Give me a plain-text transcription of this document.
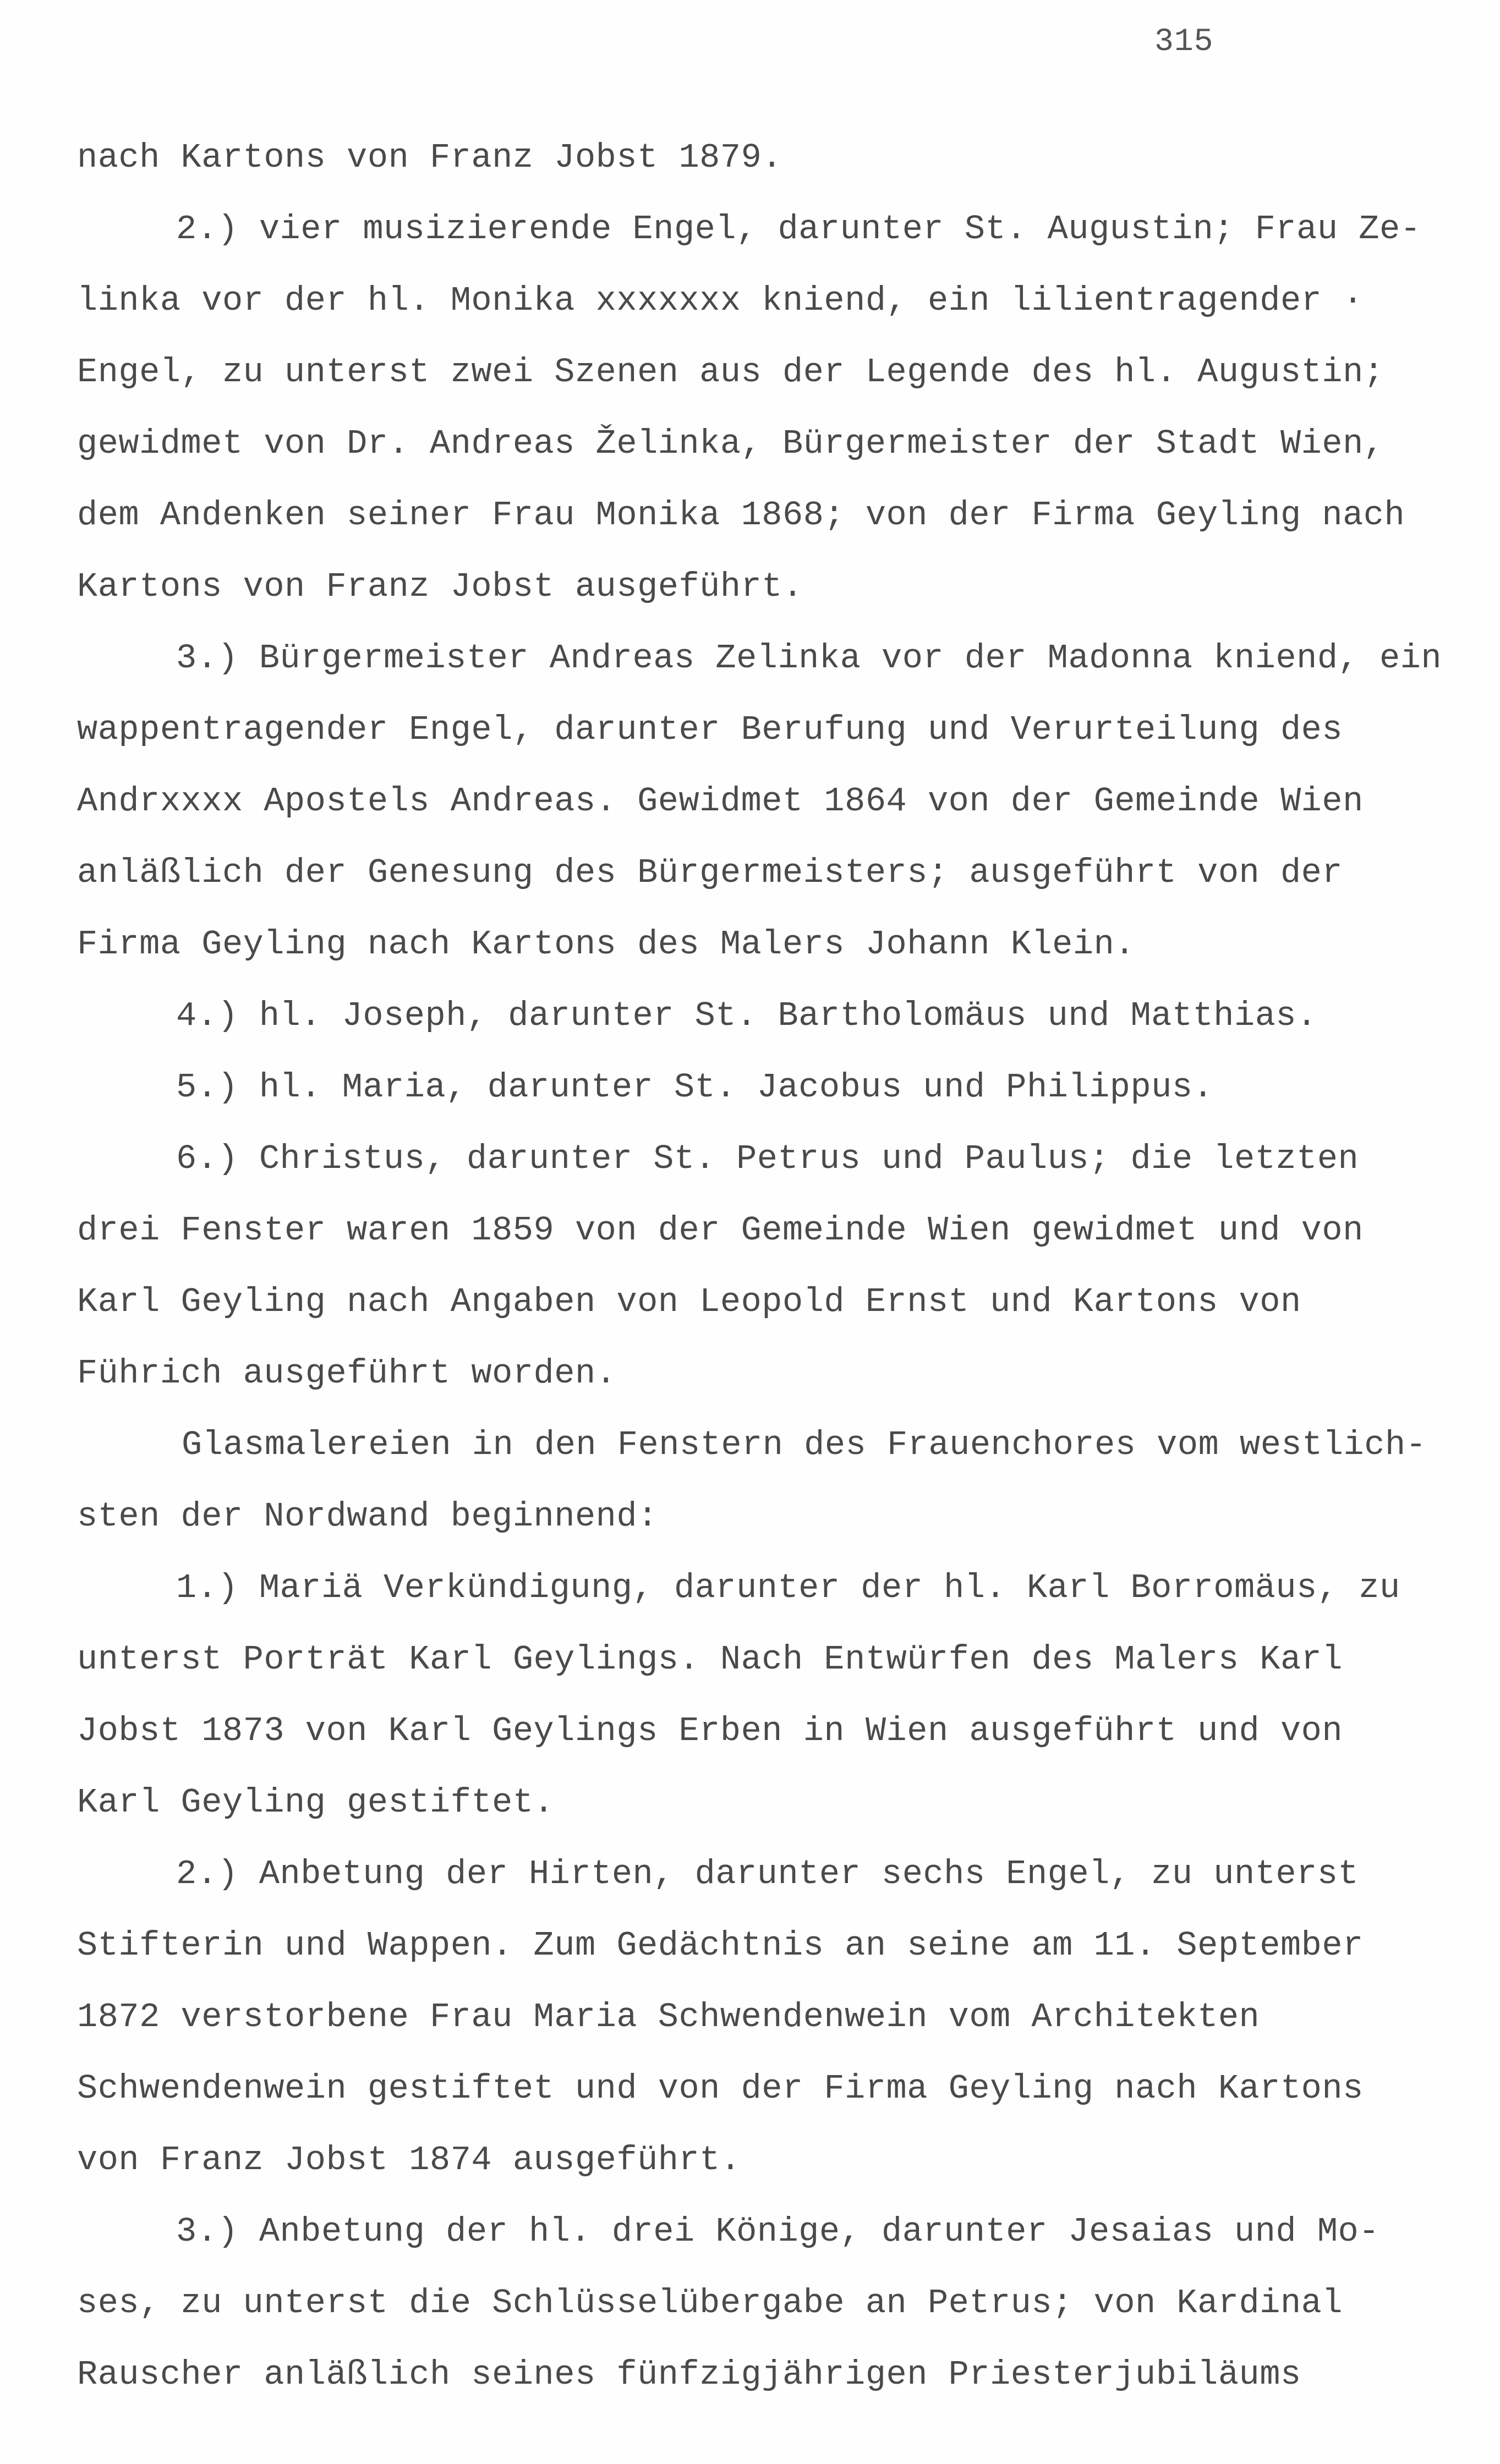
315
nach Kartons von Franz Jobst 1879.
2.) vier musizierende Engel, darunter St. Augustin; Frau Ze-
linka vor der hl. Monika xxxxxxx kniend, ein lilientragender ·
Engel, zu unterst zwei Szenen aus der Legende des hl. Augustin;
gewidmet von Dr. Andreas Želinka, Bürgermeister der Stadt Wien,
dem Andenken seiner Frau Monika 1868; von der Firma Geyling nach
Kartons von Franz Jobst ausgeführt.
3.) Bürgermeister Andreas Zelinka vor der Madonna kniend, ein
wappentragender Engel, darunter Berufung und Verurteilung des
Andrxxxx Apostels Andreas. Gewidmet 1864 von der Gemeinde Wien
anläßlich der Genesung des Bürgermeisters; ausgeführt von der
Firma Geyling nach Kartons des Malers Johann Klein.
4.) hl. Joseph, darunter St. Bartholomäus und Matthias.
5.) hl. Maria, darunter St. Jacobus und Philippus.
6.) Christus, darunter St. Petrus und Paulus; die letzten
drei Fenster waren 1859 von der Gemeinde Wien gewidmet und von
Karl Geyling nach Angaben von Leopold Ernst und Kartons von
Führich ausgeführt worden.
Glasmalereien in den Fenstern des Frauenchores vom westlich-
sten der Nordwand beginnend:
1.) Mariä Verkündigung, darunter der hl. Karl Borromäus, zu
unterst Porträt Karl Geylings. Nach Entwürfen des Malers Karl
Jobst 1873 von Karl Geylings Erben in Wien ausgeführt und von
Karl Geyling gestiftet.
2.) Anbetung der Hirten, darunter sechs Engel, zu unterst
Stifterin und Wappen. Zum Gedächtnis an seine am 11. September
1872 verstorbene Frau Maria Schwendenwein vom Architekten
Schwendenwein gestiftet und von der Firma Geyling nach Kartons
von Franz Jobst 1874 ausgeführt.
3.) Anbetung der hl. drei Könige, darunter Jesaias und Mo-
ses, zu unterst die Schlüsselübergabe an Petrus; von Kardinal
Rauscher anläßlich seines fünfzigjährigen Priesterjubiläums
